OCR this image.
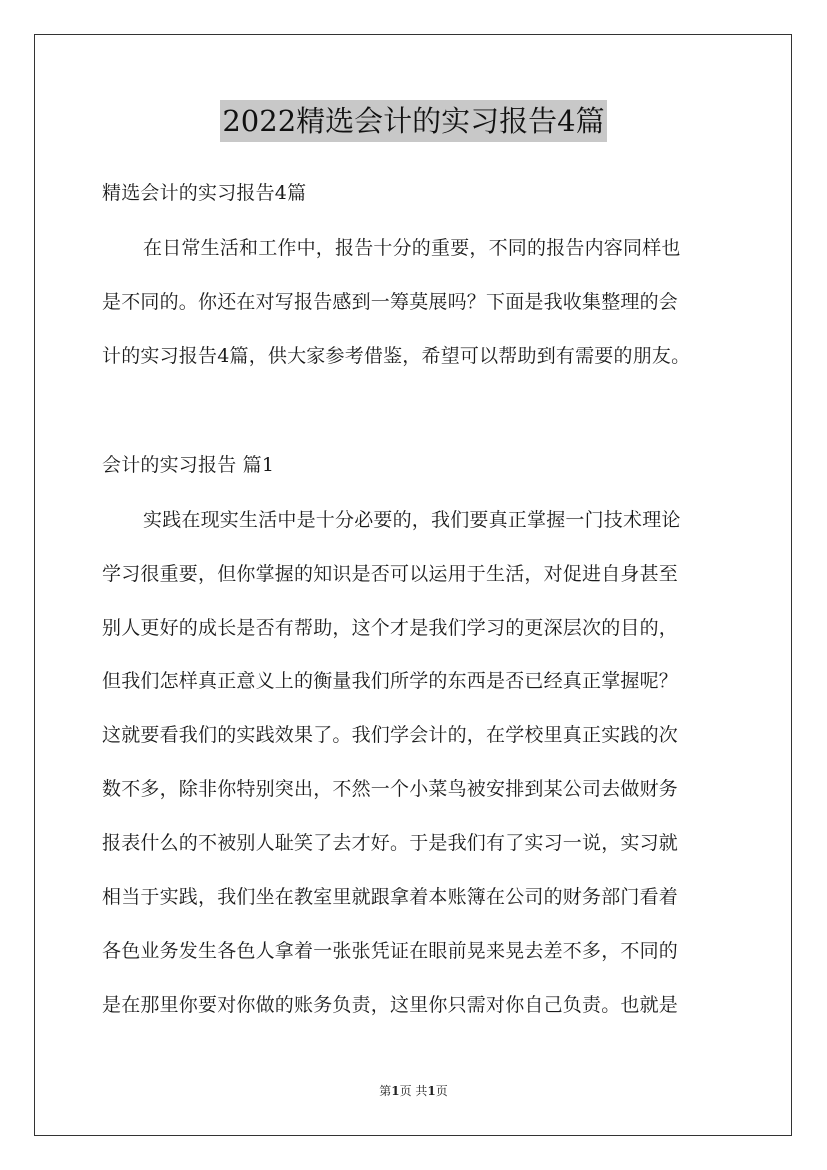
2022精选会计的实习报告4篇
精选会计的实习报告4篇
在日常生活和工作中，报告十分的重要，不同的报告内容同样也
是不同的。你还在对写报告感到一筹莫展吗？下面是我收集整理的会
计的实习报告4篇，供大家参考借鉴，希望可以帮助到有需要的朋友。
会计的实习报告 篇1
实践在现实生活中是十分必要的，我们要真正掌握一门技术理论
学习很重要，但你掌握的知识是否可以运用于生活，对促进自身甚至
别人更好的成长是否有帮助，这个才是我们学习的更深层次的目的，
但我们怎样真正意义上的衡量我们所学的东西是否已经真正掌握呢？
这就要看我们的实践效果了。我们学会计的，在学校里真正实践的次
数不多，除非你特别突出，不然一个小菜鸟被安排到某公司去做财务
报表什么的不被别人耻笑了去才好。于是我们有了实习一说，实习就
相当于实践，我们坐在教室里就跟拿着本账簿在公司的财务部门看着
各色业务发生各色人拿着一张张凭证在眼前晃来晃去差不多，不同的
是在那里你要对你做的账务负责，这里你只需对你自己负责。也就是
第1页 共1页
